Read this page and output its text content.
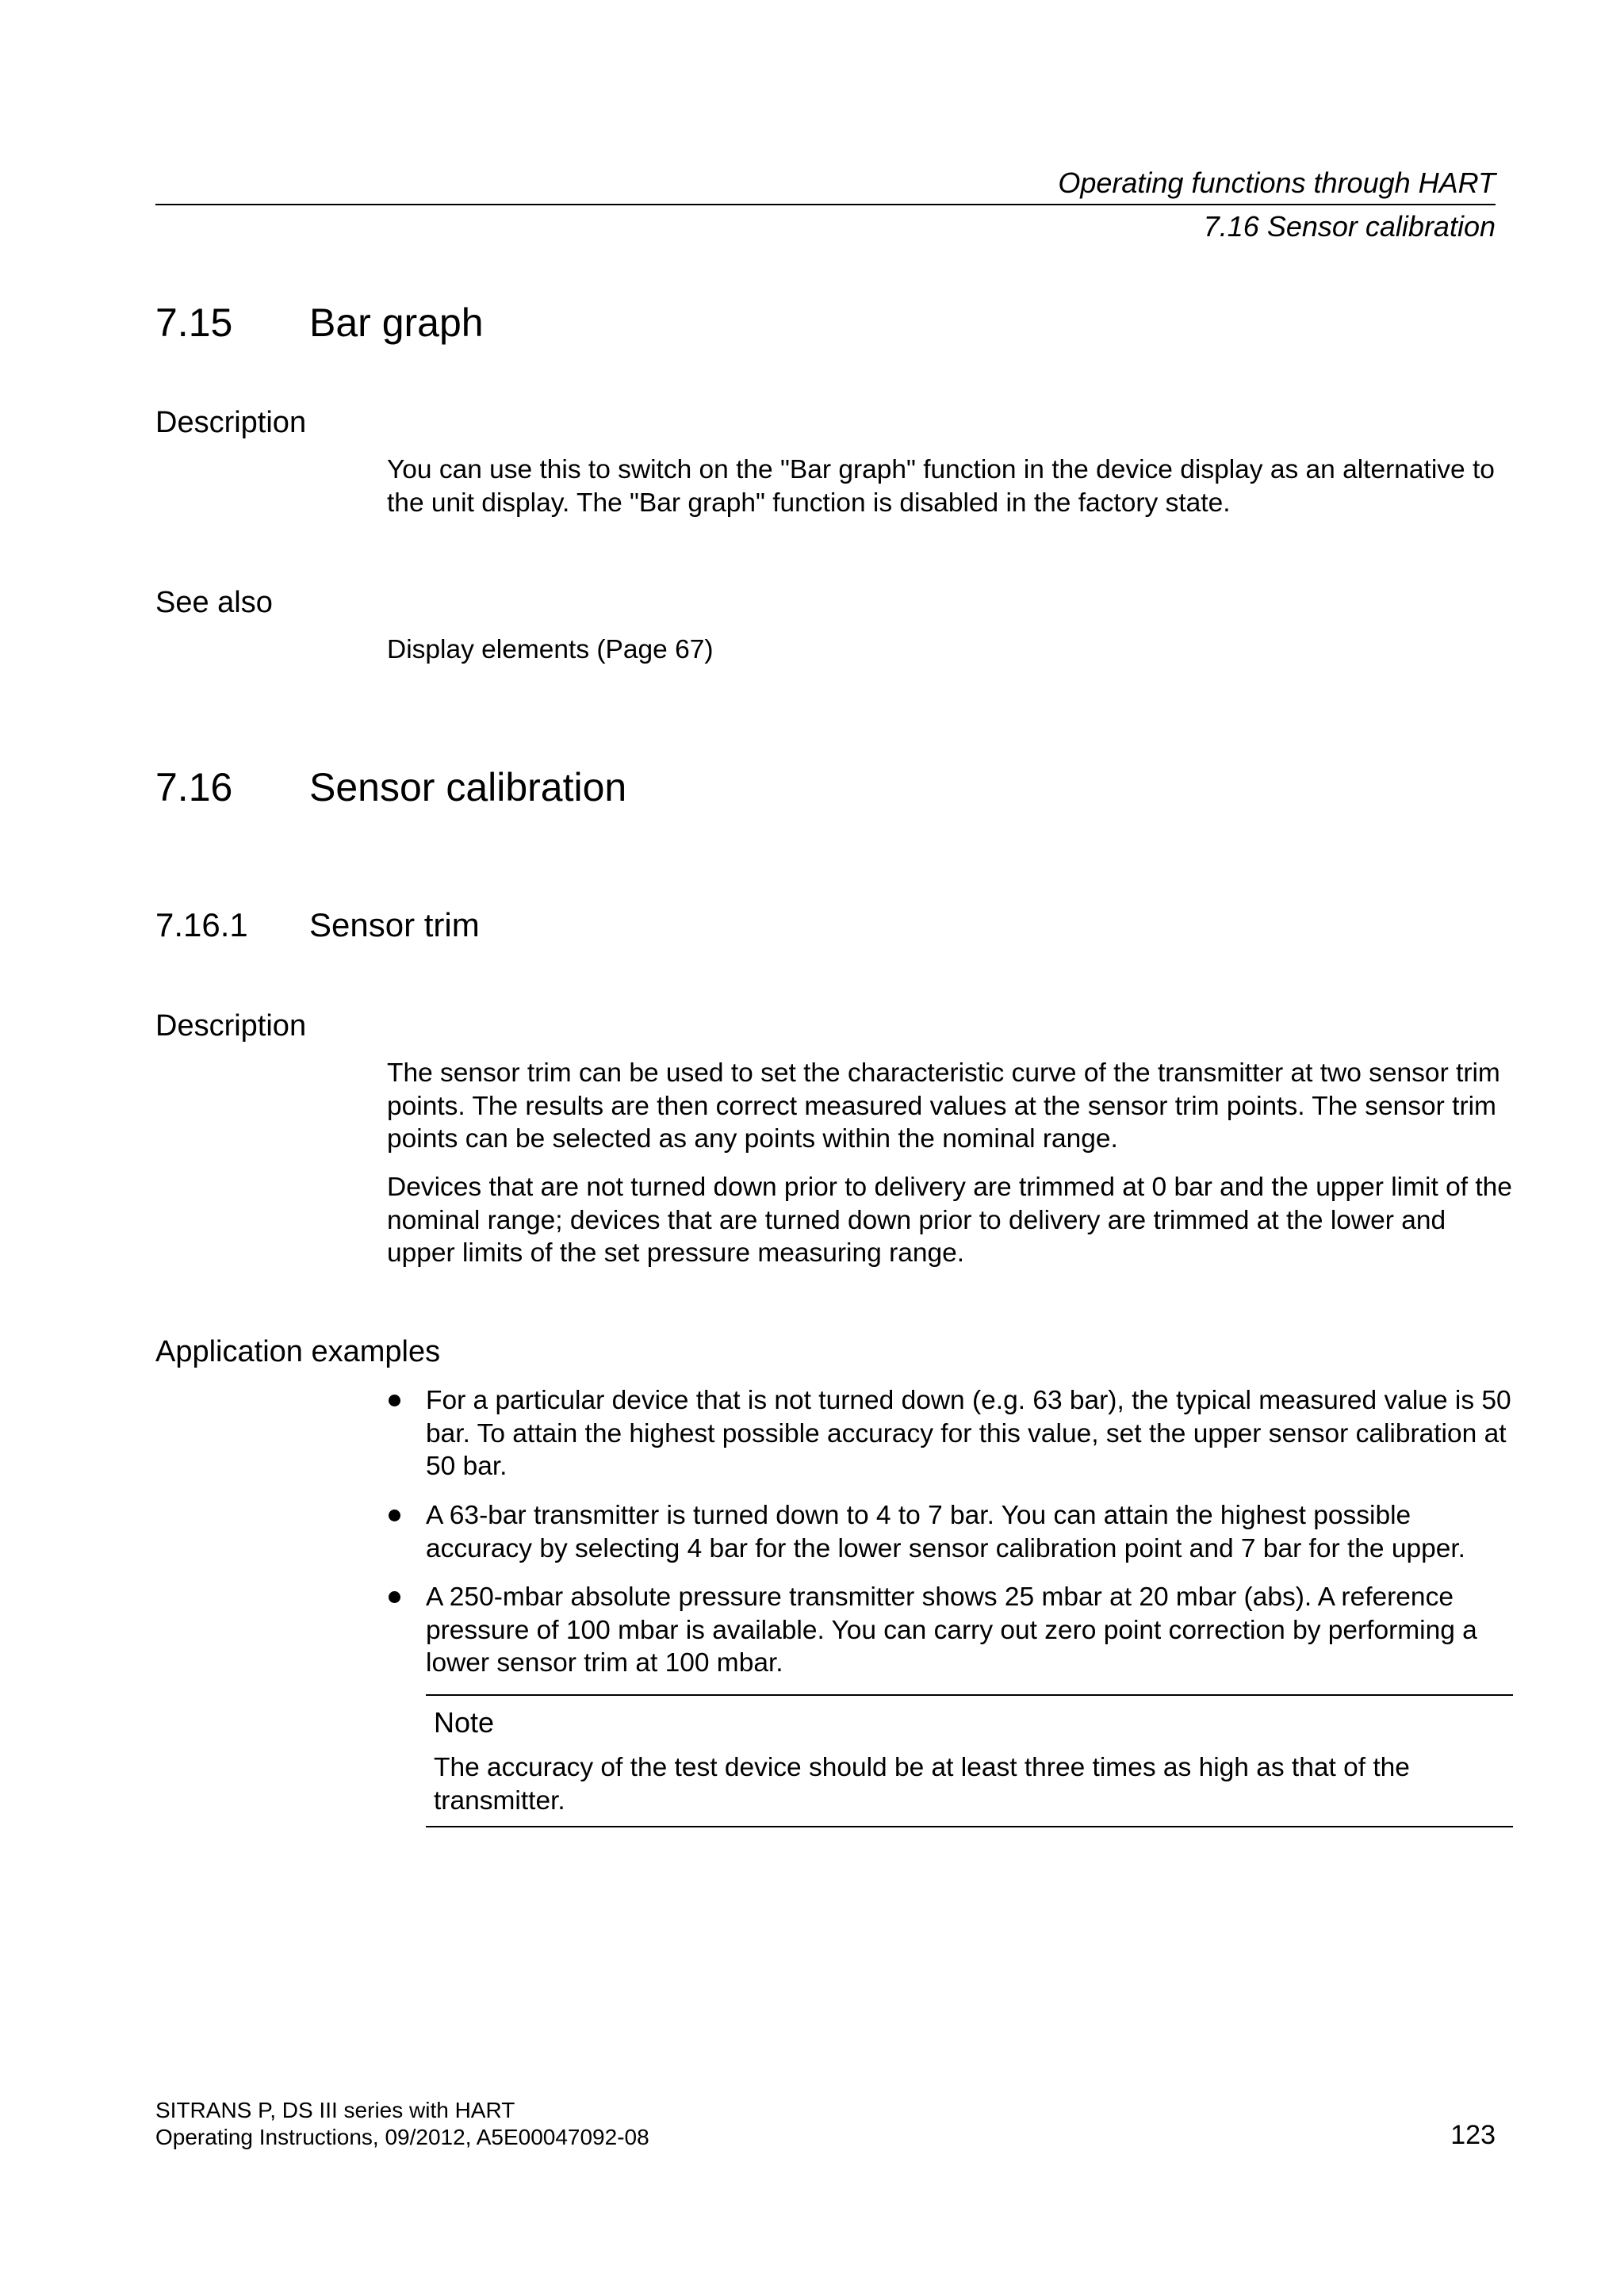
Operating functions through HART
7.16 Sensor calibration
7.15 Bar graph
Description

You can use this to switch on the "Bar graph" function in the device display as an alternative to the unit display. The "Bar graph" function is disabled in the factory state.

See also
Display elements (Page 67)
7.16 Sensor calibration
7.16.1 Sensor trim
Description

The sensor trim can be used to set the characteristic curve of the transmitter at two sensor trim points. The results are then correct measured values at the sensor trim points. The sensor trim points can be selected as any points within the nominal range.

Devices that are not turned down prior to delivery are trimmed at 0 bar and the upper limit of the nominal range; devices that are turned down prior to delivery are trimmed at the lower and upper limits of the set pressure measuring range.

Application examples
For a particular device that is not turned down (e.g. 63 bar), the typical measured value is 50 bar. To attain the highest possible accuracy for this value, set the upper sensor calibration at 50 bar.
A 63-bar transmitter is turned down to 4 to 7 bar. You can attain the highest possible accuracy by selecting 4 bar for the lower sensor calibration point and 7 bar for the upper.
A 250-mbar absolute pressure transmitter shows 25 mbar at 20 mbar (abs). A reference pressure of 100 mbar is available. You can carry out zero point correction by performing a lower sensor trim at 100 mbar.
Note
The accuracy of the test device should be at least three times as high as that of the transmitter.
SITRANS P, DS III series with HART
Operating Instructions, 09/2012, A5E00047092-08	123
